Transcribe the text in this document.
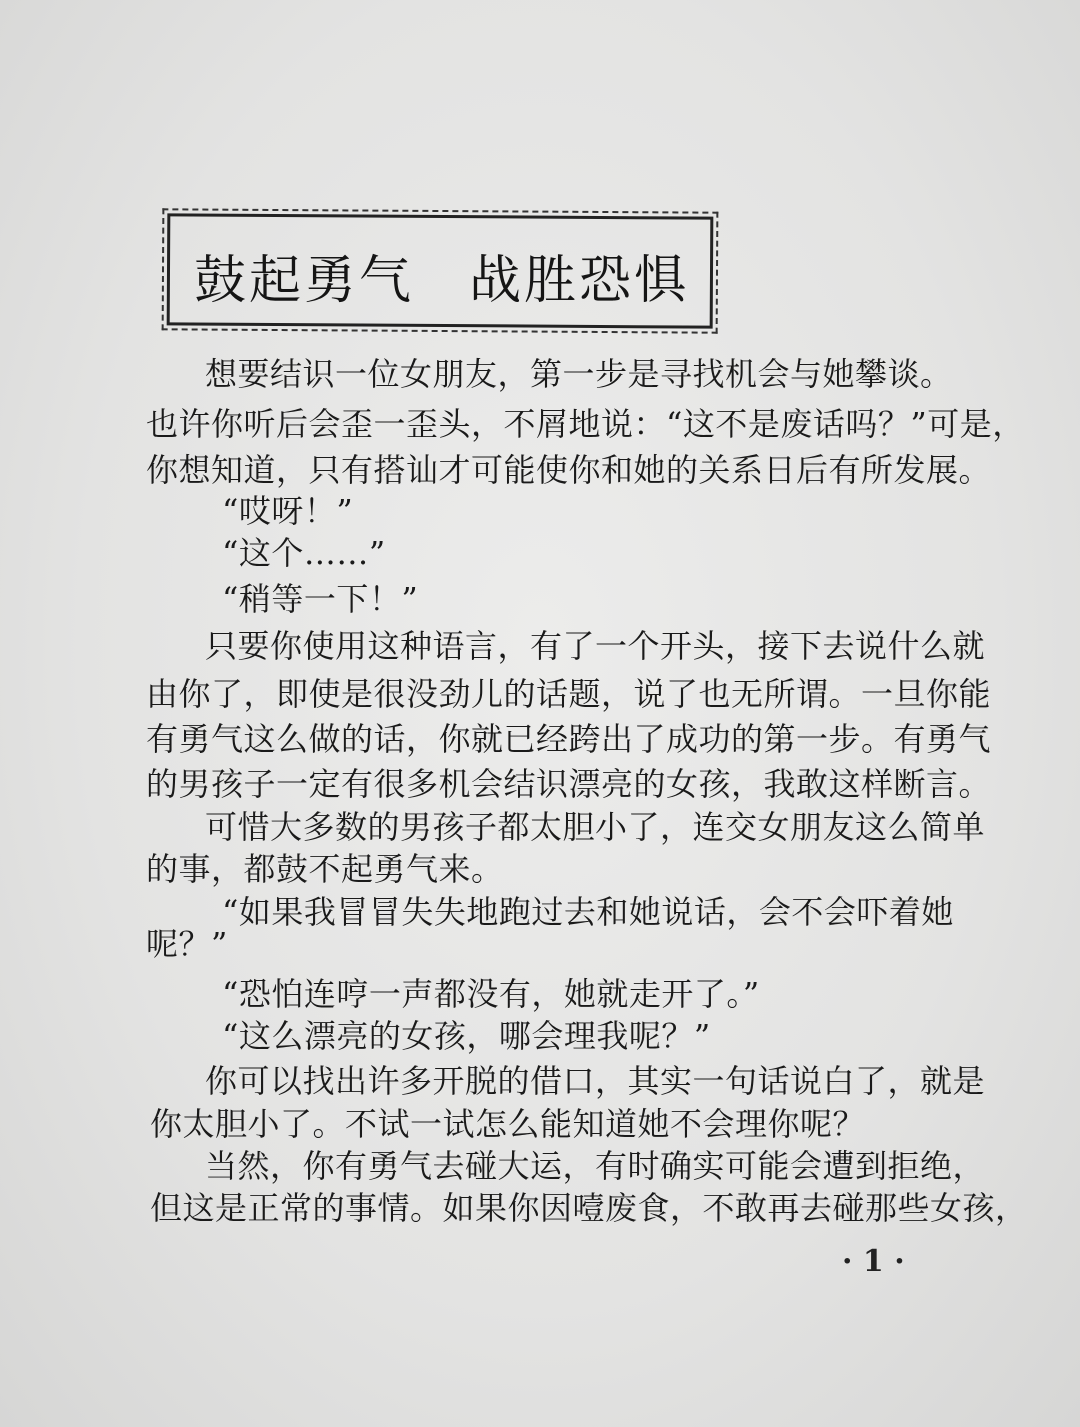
鼓起勇气　战胜恐惧
想要结识一位女朋友，第一步是寻找机会与她攀谈。
也许你听后会歪一歪头，不屑地说：“这不是废话吗？”可是，
你想知道，只有搭讪才可能使你和她的关系日后有所发展。
“哎呀！”
“这个……”
“稍等一下！”
只要你使用这种语言，有了一个开头，接下去说什么就
由你了，即使是很没劲儿的话题，说了也无所谓。一旦你能
有勇气这么做的话，你就已经跨出了成功的第一步。有勇气
的男孩子一定有很多机会结识漂亮的女孩，我敢这样断言。
可惜大多数的男孩子都太胆小了，连交女朋友这么简单
的事，都鼓不起勇气来。
“如果我冒冒失失地跑过去和她说话，会不会吓着她
呢？”
“恐怕连哼一声都没有，她就走开了。”
“这么漂亮的女孩，哪会理我呢？”
你可以找出许多开脱的借口，其实一句话说白了，就是
你太胆小了。不试一试怎么能知道她不会理你呢？
当然，你有勇气去碰大运，有时确实可能会遭到拒绝，
但这是正常的事情。如果你因噎废食，不敢再去碰那些女孩，
· 1 ·
